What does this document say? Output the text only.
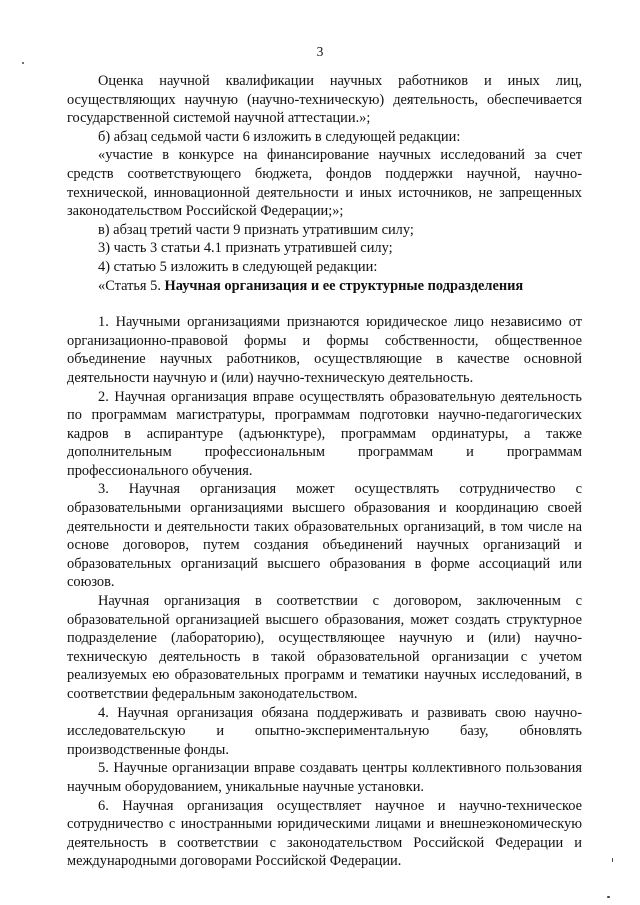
3

Оценка научной квалификации научных работников и иных лиц, осуществляющих научную (научно-техническую) деятельность, обеспечивается государственной системой научной аттестации.»;

б) абзац седьмой части 6 изложить в следующей редакции:

«участие в конкурсе на финансирование научных исследований за счет средств соответствующего бюджета, фондов поддержки научной, научно-технической, инновационной деятельности и иных источников, не запрещенных законодательством Российской Федерации;»;

в) абзац третий части 9 признать утратившим силу;

3) часть 3 статьи 4.1 признать утратившей силу;

4) статью 5 изложить в следующей редакции:

«Статья 5. Научная организация и ее структурные подразделения

1. Научными организациями признаются юридическое лицо независимо от организационно-правовой формы и формы собственности, общественное объединение научных работников, осуществляющие в качестве основной деятельности научную и (или) научно-техническую деятельность.

2. Научная организация вправе осуществлять образовательную деятельность по программам магистратуры, программам подготовки научно-педагогических кадров в аспирантуре (адъюнктуре), программам ординатуры, а также дополнительным профессиональным программам и программам профессионального обучения.

3. Научная организация может осуществлять сотрудничество с образовательными организациями высшего образования и координацию своей деятельности и деятельности таких образовательных организаций, в том числе на основе договоров, путем создания объединений научных организаций и образовательных организаций высшего образования в форме ассоциаций или союзов.

Научная организация в соответствии с договором, заключенным с образовательной организацией высшего образования, может создать структурное подразделение (лабораторию), осуществляющее научную и (или) научно-техническую деятельность в такой образовательной организации с учетом реализуемых ею образовательных программ и тематики научных исследований, в соответствии федеральным законодательством.

4. Научная организация обязана поддерживать и развивать свою научно-исследовательскую и опытно-экспериментальную базу, обновлять производственные фонды.

5. Научные организации вправе создавать центры коллективного пользования научным оборудованием, уникальные научные установки.

6. Научная организация осуществляет научное и научно-техническое сотрудничество с иностранными юридическими лицами и внешнеэкономическую деятельность в соответствии с законодательством Российской Федерации и международными договорами Российской Федерации.
